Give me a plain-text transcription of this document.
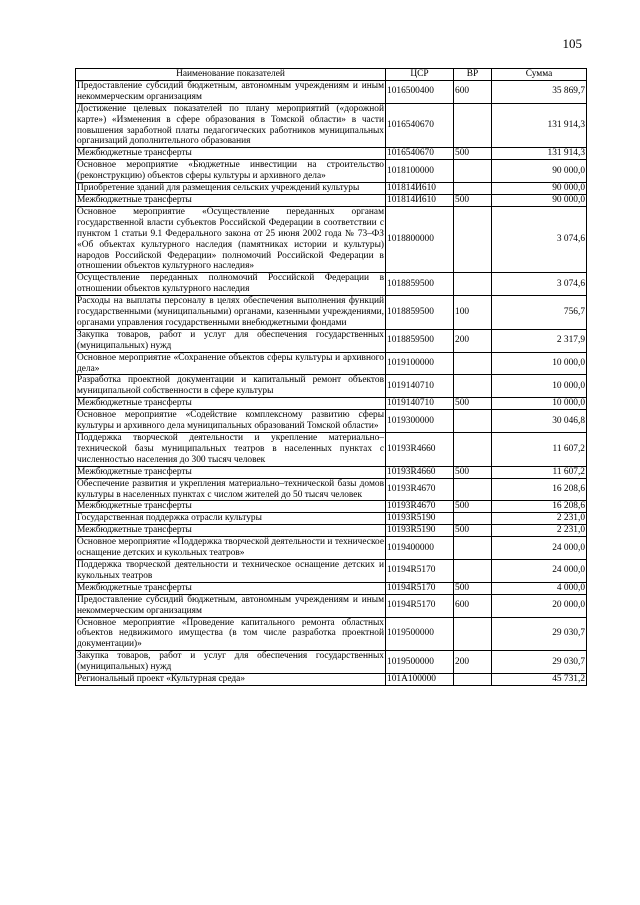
105
Наименование показателей	ЦСР	ВР	Сумма
Предоставление субсидий бюджетным, автономным учреждениям и иным некоммерческим организациям	1016500400	600	35 869,7
Достижение целевых показателей по плану мероприятий («дорожной карте») «Изменения в сфере образования в Томской области» в части повышения заработной платы педагогических работников муниципальных организаций дополнительного образования	1016540670		131 914,3
Межбюджетные трансферты	1016540670	500	131 914,3
Основное мероприятие «Бюджетные инвестиции на строительство (реконструкцию) объектов сферы культуры и архивного дела»	1018100000		90 000,0
Приобретение зданий для размещения сельских учреждений культуры	101814И610		90 000,0
Межбюджетные трансферты	101814И610	500	90 000,0
Основное мероприятие «Осуществление переданных органам государственной власти субъектов Российской Федерации в соответствии с пунктом 1 статьи 9.1 Федерального закона от 25 июня 2002 года № 73–ФЗ «Об объектах культурного наследия (памятниках истории и культуры) народов Российской Федерации» полномочий Российской Федерации в отношении объектов культурного наследия»	1018800000		3 074,6
Осуществление переданных полномочий Российской Федерации в отношении объектов культурного наследия	1018859500		3 074,6
Расходы на выплаты персоналу в целях обеспечения выполнения функций государственными (муниципальными) органами, казенными учреждениями, органами управления государственными внебюджетными фондами	1018859500	100	756,7
Закупка товаров, работ и услуг для обеспечения государственных (муниципальных) нужд	1018859500	200	2 317,9
Основное мероприятие «Сохранение объектов сферы культуры и архивного дела»	1019100000		10 000,0
Разработка проектной документации и капитальный ремонт объектов муниципальной собственности в сфере культуры	1019140710		10 000,0
Межбюджетные трансферты	1019140710	500	10 000,0
Основное мероприятие «Содействие комплексному развитию сферы культуры и архивного дела муниципальных образований Томской области»	1019300000		30 046,8
Поддержка творческой деятельности и укрепление материально–технической базы муниципальных театров в населенных пунктах с численностью населения до 300 тысяч человек	10193R4660		11 607,2
Межбюджетные трансферты	10193R4660	500	11 607,2
Обеспечение развития и укрепления материально–технической базы домов культуры в населенных пунктах с числом жителей до 50 тысяч человек	10193R4670		16 208,6
Межбюджетные трансферты	10193R4670	500	16 208,6
Государственная поддержка отрасли культуры	10193R5190		2 231,0
Межбюджетные трансферты	10193R5190	500	2 231,0
Основное мероприятие «Поддержка творческой деятельности и техническое оснащение детских и кукольных театров»	1019400000		24 000,0
Поддержка творческой деятельности и техническое оснащение детских и кукольных театров	10194R5170		24 000,0
Межбюджетные трансферты	10194R5170	500	4 000,0
Предоставление субсидий бюджетным, автономным учреждениям и иным некоммерческим организациям	10194R5170	600	20 000,0
Основное мероприятие «Проведение капитального ремонта областных объектов недвижимого имущества (в том числе разработка проектной документации)»	1019500000		29 030,7
Закупка товаров, работ и услуг для обеспечения государственных (муниципальных) нужд	1019500000	200	29 030,7
Региональный проект «Культурная среда»	101A100000		45 731,2
